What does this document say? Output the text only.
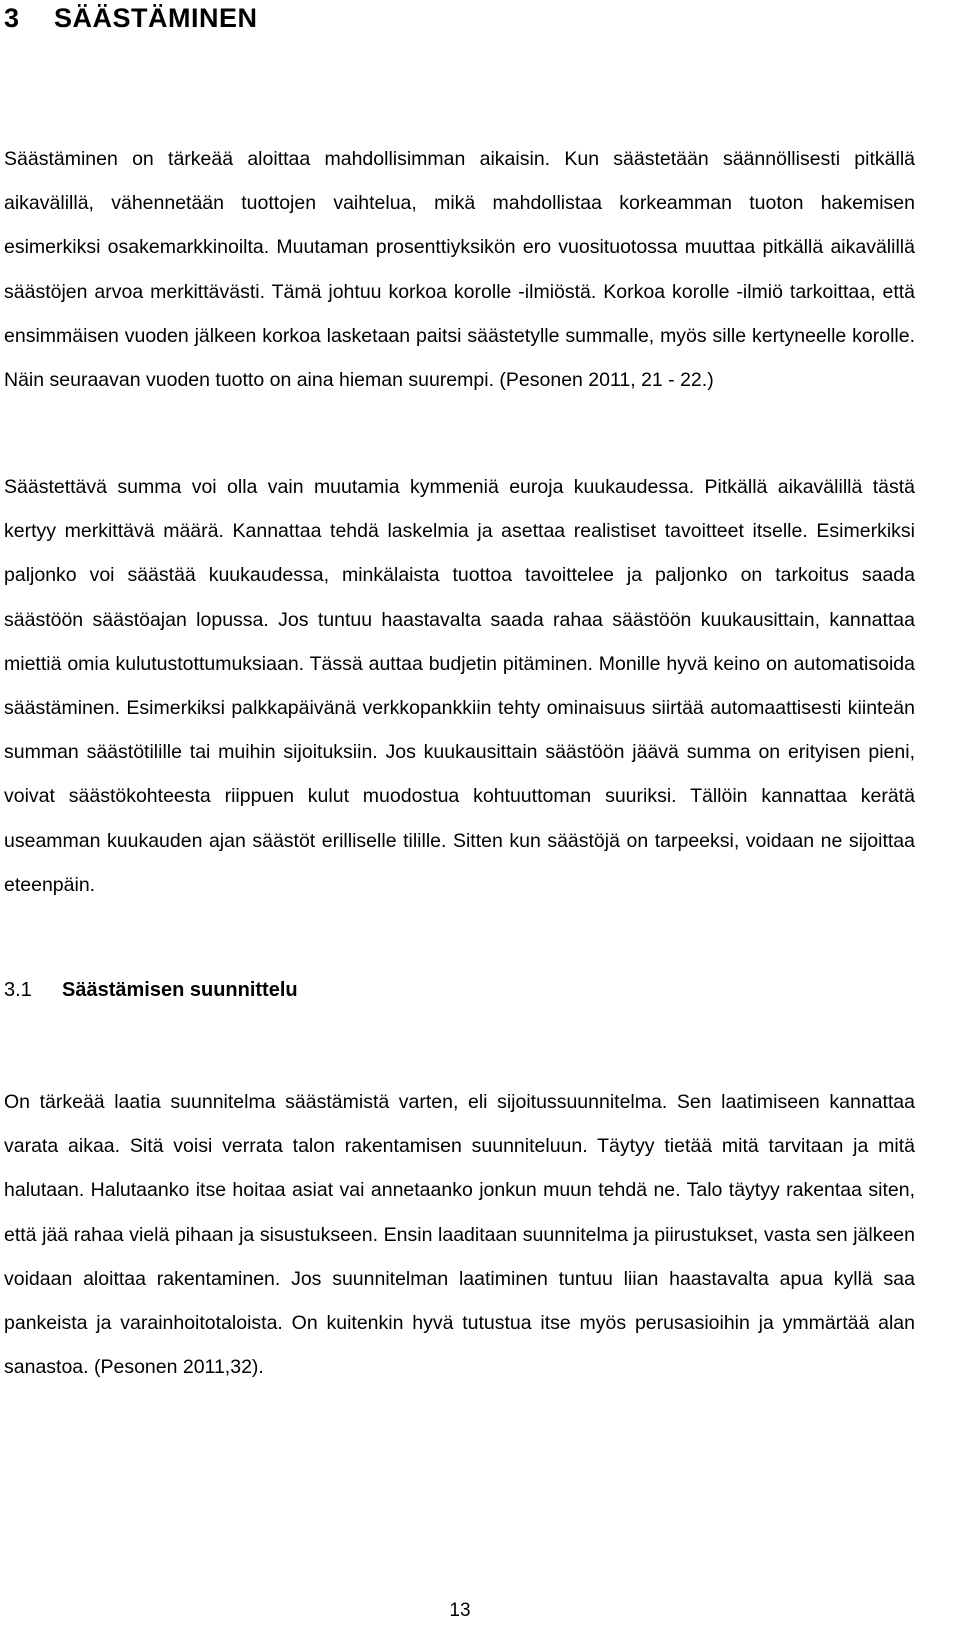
3 SÄÄSTÄMINEN

Säästäminen on tärkeää aloittaa mahdollisimman aikaisin. Kun säästetään säännöllisesti pitkällä aikavälillä, vähennetään tuottojen vaihtelua, mikä mahdollistaa korkeamman tuoton hakemisen esimerkiksi osakemarkkinoilta. Muutaman prosenttiyksikön ero vuosituotossa muuttaa pitkällä aikavälillä säästöjen arvoa merkittävästi. Tämä johtuu korkoa korolle -ilmiöstä. Korkoa korolle -ilmiö tarkoittaa, että ensimmäisen vuoden jälkeen korkoa lasketaan paitsi säästetylle summalle, myös sille kertyneelle korolle. Näin seuraavan vuoden tuotto on aina hieman suurempi. (Pesonen 2011, 21 - 22.)

Säästettävä summa voi olla vain muutamia kymmeniä euroja kuukaudessa. Pitkällä aikavälillä tästä kertyy merkittävä määrä. Kannattaa tehdä laskelmia ja asettaa realistiset tavoitteet itselle. Esimerkiksi paljonko voi säästää kuukaudessa, minkälaista tuottoa tavoittelee ja paljonko on tarkoitus saada säästöön säästöajan lopussa. Jos tuntuu haastavalta saada rahaa säästöön kuukausittain, kannattaa miettiä omia kulutustottumuksiaan. Tässä auttaa budjetin pitäminen. Monille hyvä keino on automatisoida säästäminen. Esimerkiksi palkkapäivänä verkkopankkiin tehty ominaisuus siirtää automaattisesti kiinteän summan säästötilille tai muihin sijoituksiin. Jos kuukausittain säästöön jäävä summa on erityisen pieni, voivat säästökohteesta riippuen kulut muodostua kohtuuttoman suuriksi. Tällöin kannattaa kerätä useamman kuukauden ajan säästöt erilliselle tilille. Sitten kun säästöjä on tarpeeksi, voidaan ne sijoittaa eteenpäin.

3.1 Säästämisen suunnittelu

On tärkeää laatia suunnitelma säästämistä varten, eli sijoitussuunnitelma. Sen laatimiseen kannattaa varata aikaa. Sitä voisi verrata talon rakentamisen suunniteluun. Täytyy tietää mitä tarvitaan ja mitä halutaan. Halutaanko itse hoitaa asiat vai annetaanko jonkun muun tehdä ne. Talo täytyy rakentaa siten, että jää rahaa vielä pihaan ja sisustukseen. Ensin laaditaan suunnitelma ja piirustukset, vasta sen jälkeen voidaan aloittaa rakentaminen. Jos suunnitelman laatiminen tuntuu liian haastavalta apua kyllä saa pankeista ja varainhoitotaloista. On kuitenkin hyvä tutustua itse myös perusasioihin ja ymmärtää alan sanastoa. (Pesonen 2011,32).

13
